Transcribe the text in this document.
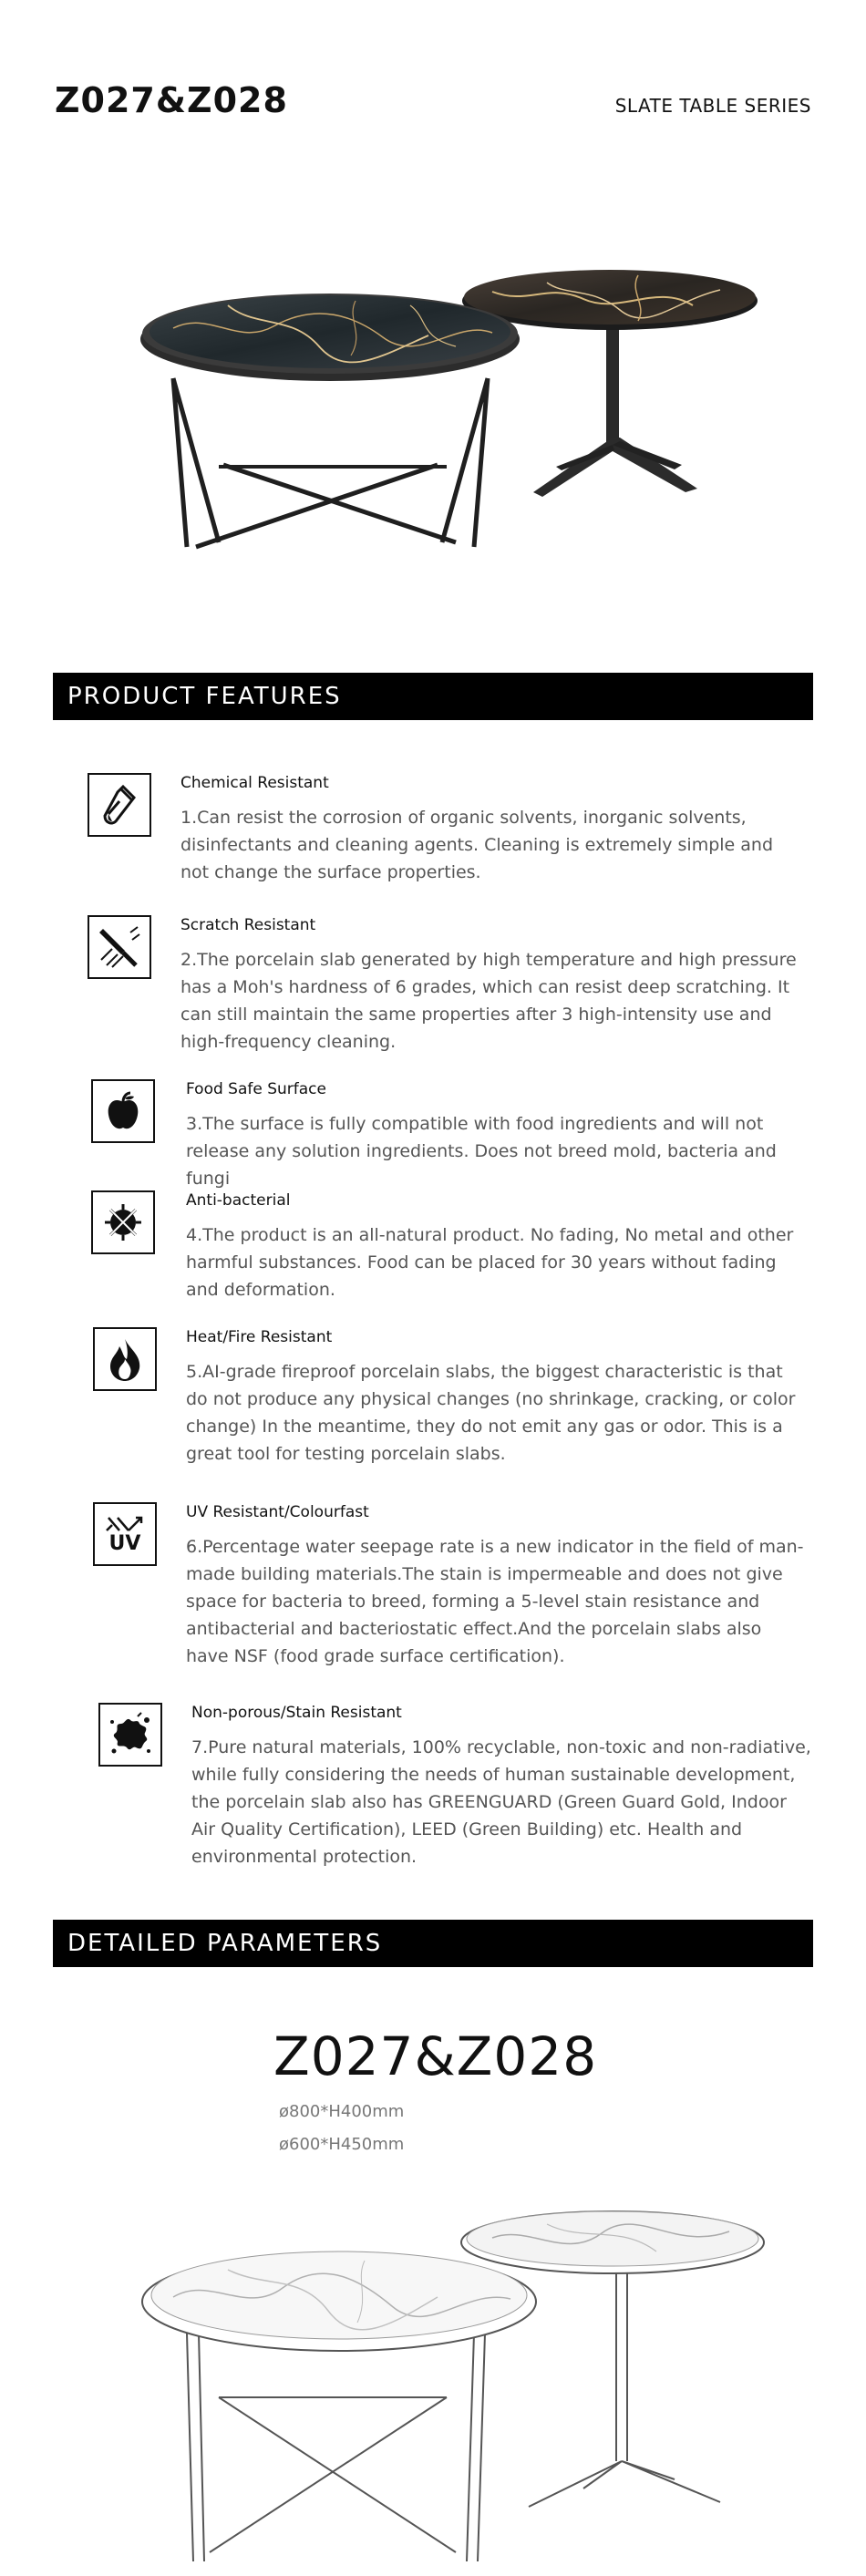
Z027&Z028	SLATE TABLE SERIES
PRODUCT FEATURES
Chemical Resistant
1.Can resist the corrosion of organic solvents, inorganic solvents, disinfectants and cleaning agents. Cleaning is extremely simple and not change the surface properties.
Scratch Resistant
2.The porcelain slab generated by high temperature and high pressure has a Moh's hardness of 6 grades, which can resist deep scratching. It can still maintain the same properties after 3 high-intensity use and high-frequency cleaning.
Food Safe Surface
3.The surface is fully compatible with food ingredients and will not release any solution ingredients. Does not breed mold, bacteria and fungi
Anti-bacterial
4.The product is an all-natural product. No fading, No metal and other harmful substances. Food can be placed for 30 years without fading and deformation.
Heat/Fire Resistant
5.AI-grade fireproof porcelain slabs, the biggest characteristic is that do not produce any physical changes (no shrinkage, cracking, or color change) In the meantime, they do not emit any gas or odor. This is a great tool for testing porcelain slabs.
UV
UV Resistant/Colourfast
6.Percentage water seepage rate is a new indicator in the field of man-made building materials.The stain is impermeable and does not give space for bacteria to breed, forming a 5-level stain resistance and antibacterial and bacteriostatic effect.And the porcelain slabs also have NSF (food grade surface certification).
Non-porous/Stain Resistant
7.Pure natural materials, 100% recyclable, non-toxic and non-radiative, while fully considering the needs of human sustainable development, the porcelain slab also has GREENGUARD (Green Guard Gold, Indoor Air Quality Certification), LEED (Green Building) etc. Health and environmental protection.
DETAILED PARAMETERS
Z027&Z028
ø800*H400mm
ø600*H450mm
